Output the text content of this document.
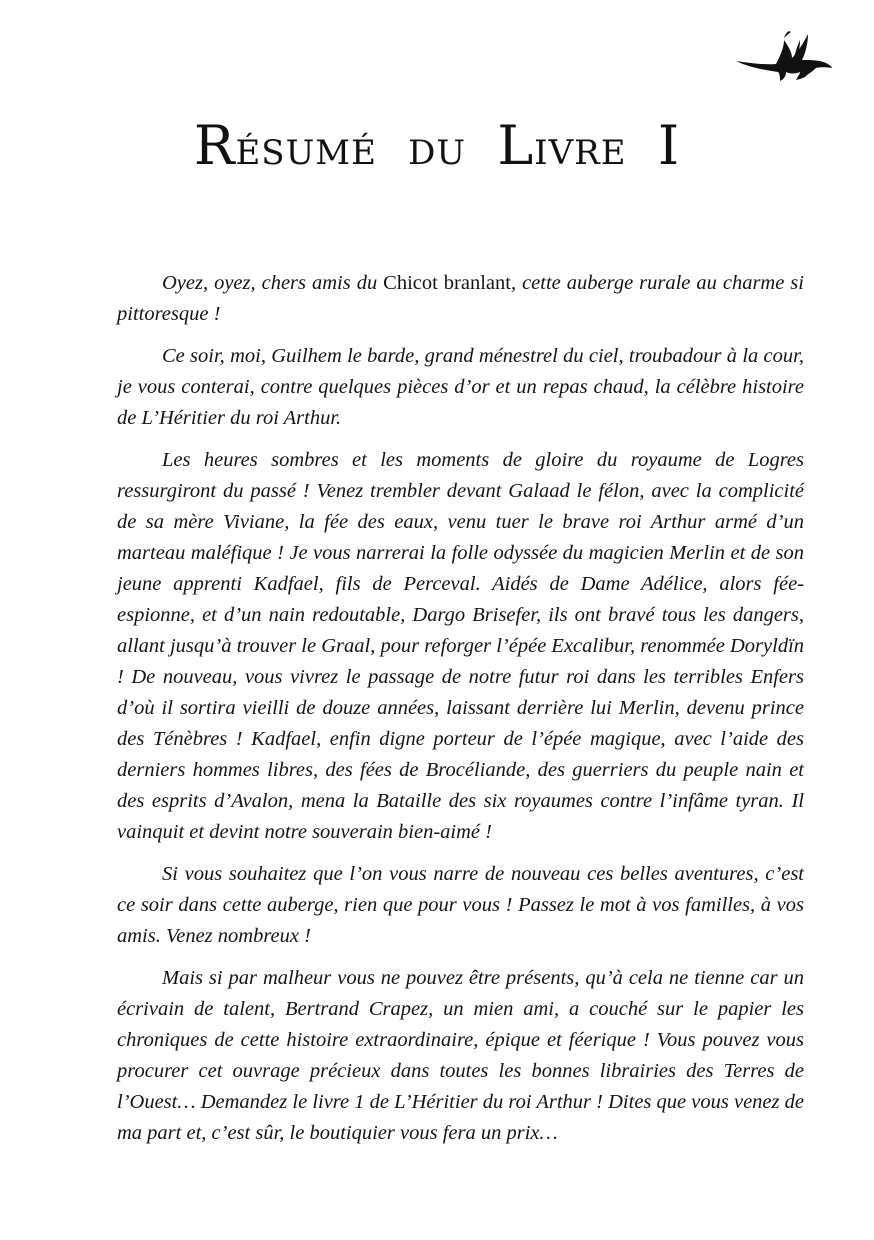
RÉSUMÉ DU LIVRE I

Oyez, oyez, chers amis du Chicot branlant, cette auberge rurale au charme si pittoresque !

Ce soir, moi, Guilhem le barde, grand ménestrel du ciel, troubadour à la cour, je vous conterai, contre quelques pièces d’or et un repas chaud, la célèbre histoire de L’Héritier du roi Arthur.

Les heures sombres et les moments de gloire du royaume de Logres ressurgiront du passé ! Venez trembler devant Galaad le félon, avec la complicité de sa mère Viviane, la fée des eaux, venu tuer le brave roi Arthur armé d’un marteau maléfique ! Je vous narrerai la folle odyssée du magicien Merlin et de son jeune apprenti Kadfael, fils de Perceval. Aidés de Dame Adélice, alors fée-espionne, et d’un nain redoutable, Dargo Brisefer, ils ont bravé tous les dangers, allant jusqu’à trouver le Graal, pour reforger l’épée Excalibur, renommée Doryldïn ! De nouveau, vous vivrez le passage de notre futur roi dans les terribles Enfers d’où il sortira vieilli de douze années, laissant derrière lui Merlin, devenu prince des Ténèbres ! Kadfael, enfin digne porteur de l’épée magique, avec l’aide des derniers hommes libres, des fées de Brocéliande, des guerriers du peuple nain et des esprits d’Avalon, mena la Bataille des six royaumes contre l’infâme tyran. Il vainquit et devint notre souverain bien-aimé !

Si vous souhaitez que l’on vous narre de nouveau ces belles aventures, c’est ce soir dans cette auberge, rien que pour vous ! Passez le mot à vos familles, à vos amis. Venez nombreux !

Mais si par malheur vous ne pouvez être présents, qu’à cela ne tienne car un écrivain de talent, Bertrand Crapez, un mien ami, a couché sur le papier les chroniques de cette histoire extraordinaire, épique et féerique ! Vous pouvez vous procurer cet ouvrage précieux dans toutes les bonnes librairies des Terres de l’Ouest… Demandez le livre 1 de L’Héritier du roi Arthur ! Dites que vous venez de ma part et, c’est sûr, le boutiquier vous fera un prix…
